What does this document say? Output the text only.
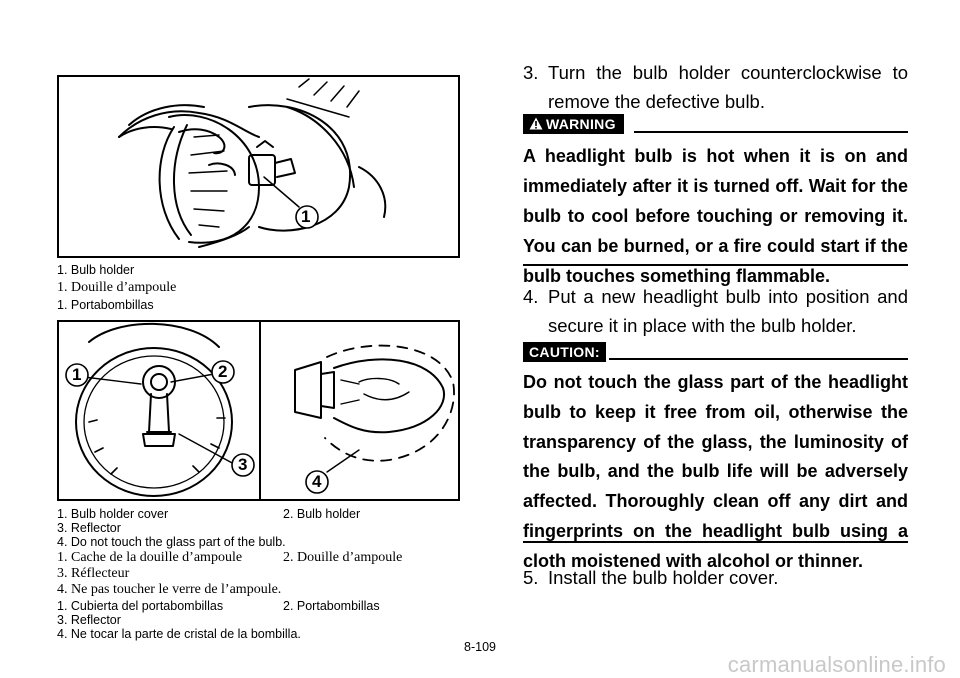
1
1. Bulb holder
1. Douille d’ampoule
1. Portabombillas
1	2
3
4
1. Bulb holder cover	2. Bulb holder
3. Reflector
4. Do not touch the glass part of the bulb.
1. Cache de la douille d’ampoule	2. Douille d’ampoule
3. Réflecteur
4. Ne pas toucher le verre de l’ampoule.
1. Cubierta del portabombillas	2. Portabombillas
3. Reflector
4. Ne tocar la parte de cristal de la bombilla.
3. Turn the bulb holder counterclockwise to remove the defective bulb.
WARNING
A headlight bulb is hot when it is on and immediately after it is turned off. Wait for the bulb to cool before touching or removing it. You can be burned, or a fire could start if the bulb touches something flammable.
4. Put a new headlight bulb into position and secure it in place with the bulb holder.
CAUTION:
Do not touch the glass part of the headlight bulb to keep it free from oil, otherwise the transparency of the glass, the luminosity of the bulb, and the bulb life will be adversely affected. Thoroughly clean off any dirt and fingerprints on the headlight bulb using a cloth moistened with alcohol or thinner.
5. Install the bulb holder cover.
8-109
carmanualsonline.info
